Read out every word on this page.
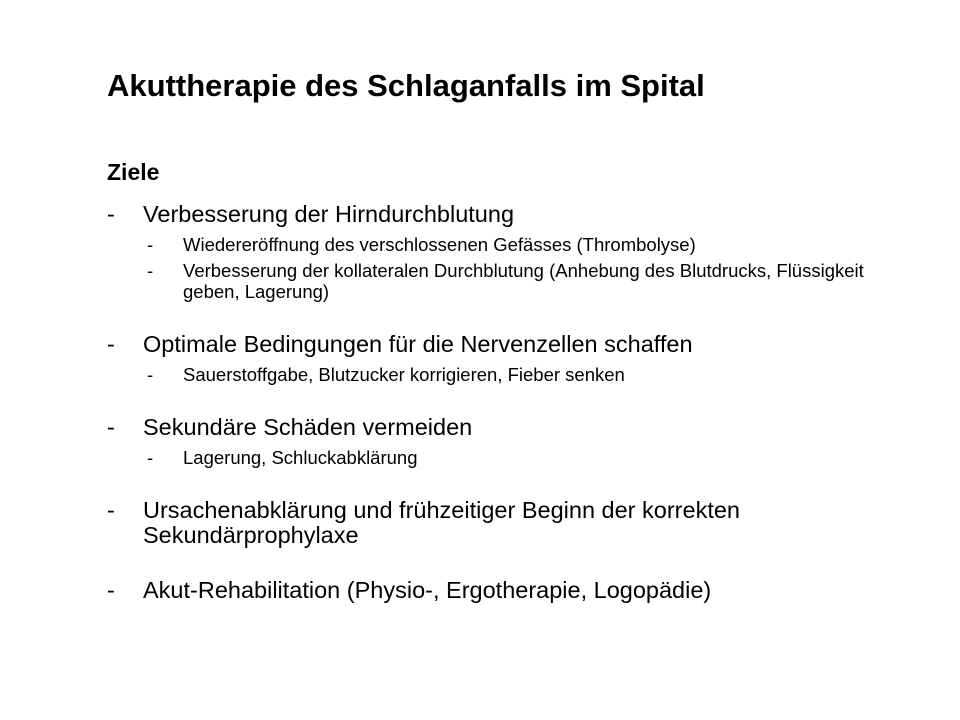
Akuttherapie des Schlaganfalls im Spital
Ziele
-	Verbesserung der Hirndurchblutung
-	Wiedereröffnung des verschlossenen Gefässes (Thrombolyse)
-	Verbesserung der kollateralen Durchblutung (Anhebung des Blutdrucks, Flüssigkeit geben, Lagerung)
-	Optimale Bedingungen für die Nervenzellen schaffen
-	Sauerstoffgabe, Blutzucker korrigieren, Fieber senken
-	Sekundäre Schäden vermeiden
-	Lagerung, Schluckabklärung
-	Ursachenabklärung und frühzeitiger Beginn der korrekten Sekundärprophylaxe
-	Akut-Rehabilitation (Physio-, Ergotherapie, Logopädie)
